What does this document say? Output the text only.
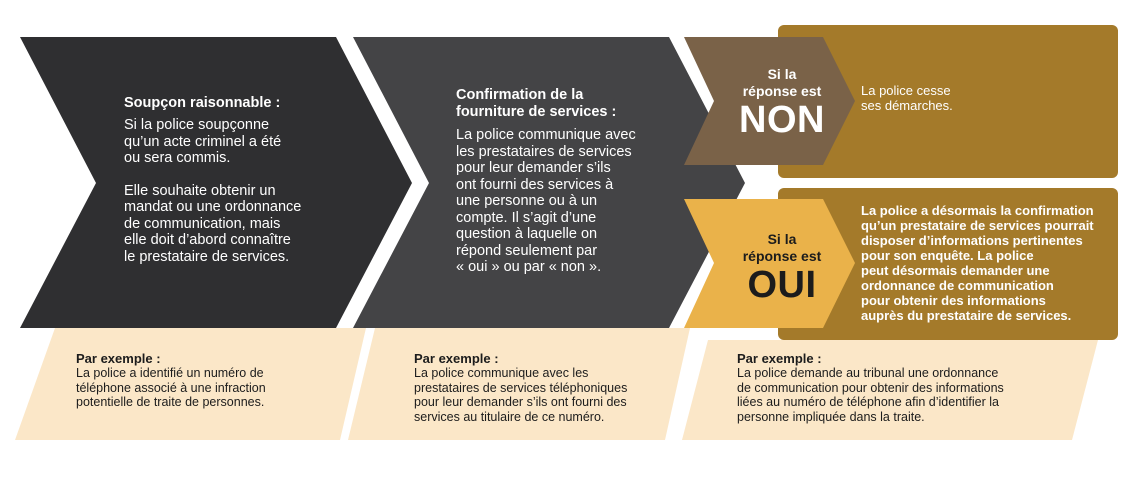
Soupçon raisonnable :

Si la police soupçonne
qu’un acte criminel a été
ou sera commis.

Elle souhaite obtenir un
mandat ou une ordonnance
de communication, mais
elle doit d’abord connaître
le prestataire de services.

Confirmation de la
fourniture de services :

La police communique avec
les prestataires de services
pour leur demander s’ils
ont fourni des services à
une personne ou à un
compte. Il s’agit d’une
question à laquelle on
répond seulement par
« oui » ou par « non ».

Si la
réponse est

NON

La police cesse
ses démarches.

Si la
réponse est

OUI

La police a désormais la confirmation
qu’un prestataire de services pourrait
disposer d’informations pertinentes
pour son enquête. La police
peut désormais demander une
ordonnance de communication
pour obtenir des informations
auprès du prestataire de services.

Par exemple :

La police a identifié un numéro de
téléphone associé à une infraction
potentielle de traite de personnes.

Par exemple :

La police communique avec les
prestataires de services téléphoniques
pour leur demander s’ils ont fourni des
services au titulaire de ce numéro.

Par exemple :

La police demande au tribunal une ordonnance
de communication pour obtenir des informations
liées au numéro de téléphone afin d’identifier la
personne impliquée dans la traite.
